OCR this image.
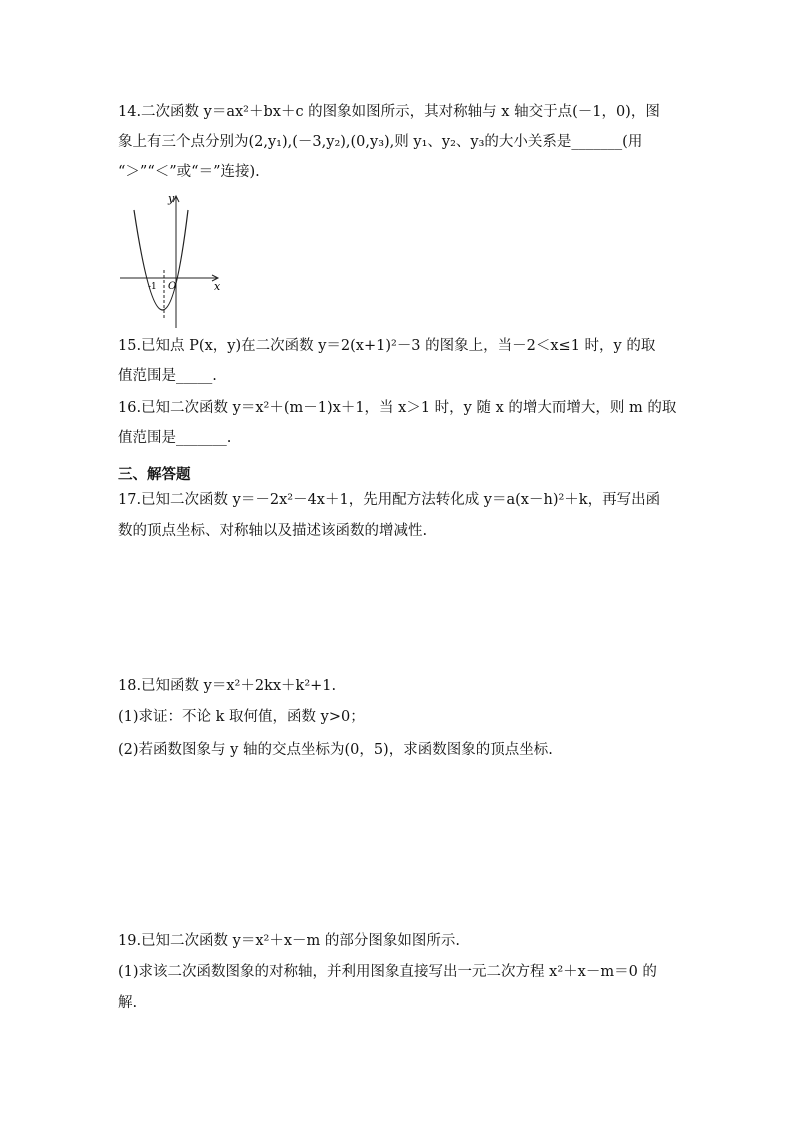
14.二次函数 y＝ax²＋bx＋c 的图象如图所示，其对称轴与 x 轴交于点(－1，0)，图
象上有三个点分别为(2,y₁),(－3,y₂),(0,y₃),则 y₁、y₂、y₃的大小关系是_______(用
“＞”“＜”或“＝”连接).
y
x
O
-1
15.已知点 P(x，y)在二次函数 y＝2(x+1)²－3 的图象上，当－2＜x≤1 时，y 的取
值范围是_____.
16.已知二次函数 y＝x²＋(m－1)x＋1，当 x＞1 时，y 随 x 的增大而增大，则 m 的取
值范围是_______.
三、解答题
17.已知二次函数 y＝－2x²－4x＋1，先用配方法转化成 y＝a(x－h)²＋k，再写出函
数的顶点坐标、对称轴以及描述该函数的增减性.
18.已知函数 y＝x²＋2kx＋k²+1.
(1)求证：不论 k 取何值，函数 y>0；
(2)若函数图象与 y 轴的交点坐标为(0，5)，求函数图象的顶点坐标.
19.已知二次函数 y＝x²＋x－m 的部分图象如图所示.
(1)求该二次函数图象的对称轴，并利用图象直接写出一元二次方程 x²＋x－m＝0 的
解.
